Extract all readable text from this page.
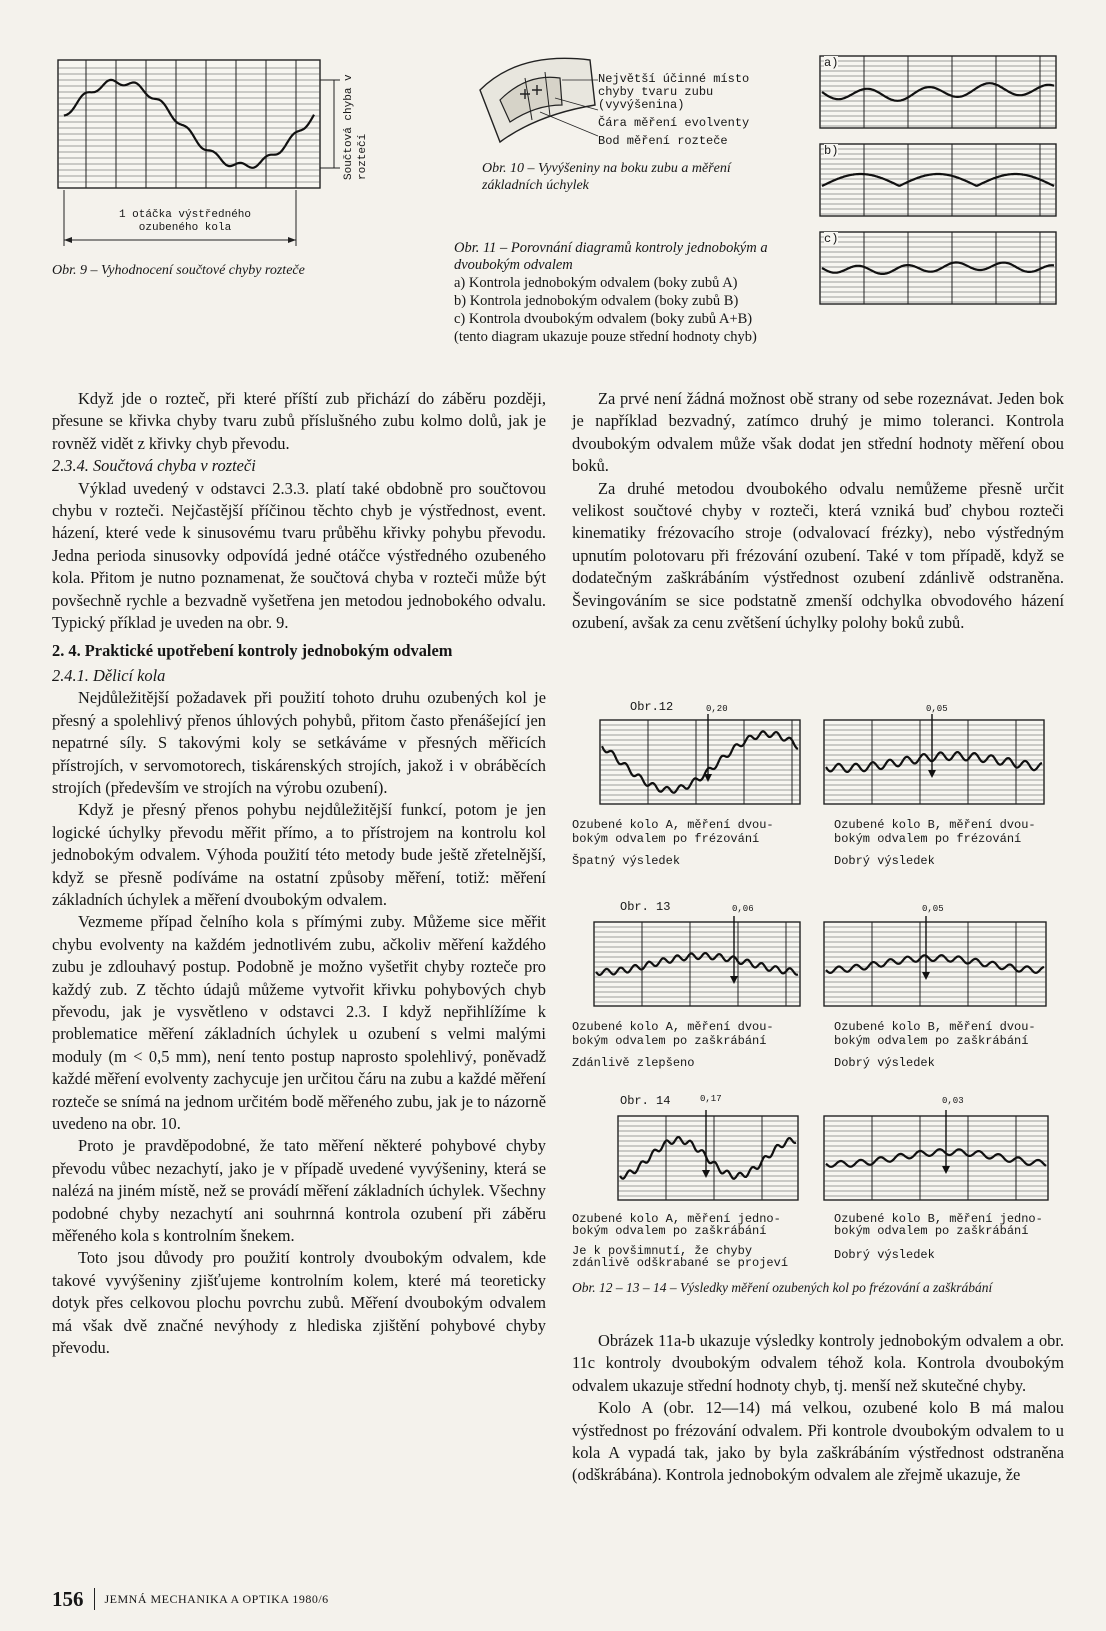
Součtová chyba v roztečí
1 otáčka výstředného
ozubeného kola
Obr. 9 – Vyhodnocení součtové chyby rozteče
Největší účinné místo
chyby tvaru zubu
(vyvýšenina)
Čára měření evolventy
Bod měření rozteče
Obr. 10 – Vyvýšeniny na boku zubu a měření základních úchylek
a)
b)
c)
Obr. 11 – Porovnání diagramů kontroly jednobokým a dvoubokým odvalem
a) Kontrola jednobokým odvalem (boky zubů A)
b) Kontrola jednobokým odvalem (boky zubů B)
c) Kontrola dvoubokým odvalem (boky zubů A+B)
(tento diagram ukazuje pouze střední hodnoty chyb)

Když jde o rozteč, při které příští zub přichází do záběru později, přesune se křivka chyby tvaru zubů příslušného zubu kolmo dolů, jak je rovněž vidět z křivky chyb převodu.

2.3.4. Součtová chyba v rozteči

Výklad uvedený v odstavci 2.3.3. platí také obdobně pro součtovou chybu v rozteči. Nejčastější příčinou těchto chyb je výstřednost, event. házení, které vede k sinusovému tvaru průběhu křivky pohybu převodu. Jedna perioda sinusovky odpovídá jedné otáčce výstředného ozubeného kola. Přitom je nutno poznamenat, že součtová chyba v rozteči může být povšechně rychle a bezvadně vyšetřena jen metodou jednobokého odvalu. Typický příklad je uveden na obr. 9.

2. 4. Praktické upotřebení kontroly jednobokým odvalem
2.4.1. Dělicí kola

Nejdůležitější požadavek při použití tohoto druhu ozubených kol je přesný a spolehlivý přenos úhlových pohybů, přitom často přenášející jen nepatrné síly. S takovými koly se setkáváme v přesných měřicích přístrojích, v servomotorech, tiskárenských strojích, jakož i v obráběcích strojích (především ve strojích na výrobu ozubení).

Když je přesný přenos pohybu nejdůležitější funkcí, potom je jen logické úchylky převodu měřit přímo, a to přístrojem na kontrolu kol jednobokým odvalem. Výhoda použití této metody bude ještě zřetelnější, když se přesně podíváme na ostatní způsoby měření, totiž: měření základních úchylek a měření dvoubokým odvalem.

Vezmeme případ čelního kola s přímými zuby. Můžeme sice měřit chybu evolventy na každém jednotlivém zubu, ačkoliv měření každého zubu je zdlouhavý postup. Podobně je možno vyšetřit chyby rozteče pro každý zub. Z těchto údajů můžeme vytvořit křivku pohybových chyb převodu, jak je vysvětleno v odstavci 2.3. I když nepřihlížíme k problematice měření základních úchylek u ozubení s velmi malými moduly (m < 0,5 mm), není tento postup naprosto spolehlivý, poněvadž každé měření evolventy zachycuje jen určitou čáru na zubu a každé měření rozteče se snímá na jednom určitém bodě měřeného zubu, jak je to názorně uvedeno na obr. 10.

Proto je pravděpodobné, že tato měření některé pohybové chyby převodu vůbec nezachytí, jako je v případě uvedené vyvýšeniny, která se nalézá na jiném místě, než se provádí měření základních úchylek. Všechny podobné chyby nezachytí ani souhrnná kontrola ozubení při záběru měřeného kola s kontrolním šnekem.

Toto jsou důvody pro použití kontroly dvoubokým odvalem, kde takové vyvýšeniny zjišťujeme kontrolním kolem, které má teoreticky dotyk přes celkovou plochu povrchu zubů. Měření dvoubokým odvalem má však dvě značné nevýhody z hlediska zjištění pohybové chyby převodu.

Za prvé není žádná možnost obě strany od sebe rozeznávat. Jeden bok je například bezvadný, zatímco druhý je mimo toleranci. Kontrola dvoubokým odvalem může však dodat jen střední hodnoty měření obou boků.

Za druhé metodou dvoubokého odvalu nemůžeme přesně určit velikost součtové chyby v rozteči, která vzniká buď chybou rozteči kinematiky frézovacího stroje (odvalovací frézky), nebo výstředným upnutím polotovaru při frézování ozubení. Také v tom případě, když se dodatečným zaškrábáním výstřednost ozubení zdánlivě odstraněna. Ševingováním se sice podstatně zmenší odchylka obvodového házení ozubení, avšak za cenu zvětšení úchylky polohy boků zubů.

Obr.12	0,20	0,05
Ozubené kolo A, měření dvou-
bokým odvalem po frézování
Špatný výsledek
Ozubené kolo B, měření dvou-
bokým odvalem po frézování
Dobrý výsledek
Obr. 13	0,06	0,05
Ozubené kolo A, měření dvou-
bokým odvalem po zaškrábání
Zdánlivě zlepšeno
Ozubené kolo B, měření dvou-
bokým odvalem po zaškrábání
Dobrý výsledek
Obr. 14	0,17	0,03
Ozubené kolo A, měření jedno-
bokým odvalem po zaškrábání
Je k povšimnutí, že chyby
zdánlivě odškrabané se projeví
Ozubené kolo B, měření jedno-
bokým odvalem po zaškrábání
Dobrý výsledek
Obr. 12 – 13 – 14 – Výsledky měření ozubených kol po frézování a zaškrábání

Obrázek 11a-b ukazuje výsledky kontroly jednobokým odvalem a obr. 11c kontroly dvoubokým odvalem téhož kola. Kontrola dvoubokým odvalem ukazuje střední hodnoty chyb, tj. menší než skutečné chyby.

Kolo A (obr. 12—14) má velkou, ozubené kolo B má malou výstřednost po frézování odvalem. Při kontrole dvoubokým odvalem to u kola A vypadá tak, jako by byla zaškrábáním výstřednost odstraněna (odškrábána). Kontrola jednobokým odvalem ale zřejmě ukazuje, že

156 JEMNÁ MECHANIKA A OPTIKA 1980/6
